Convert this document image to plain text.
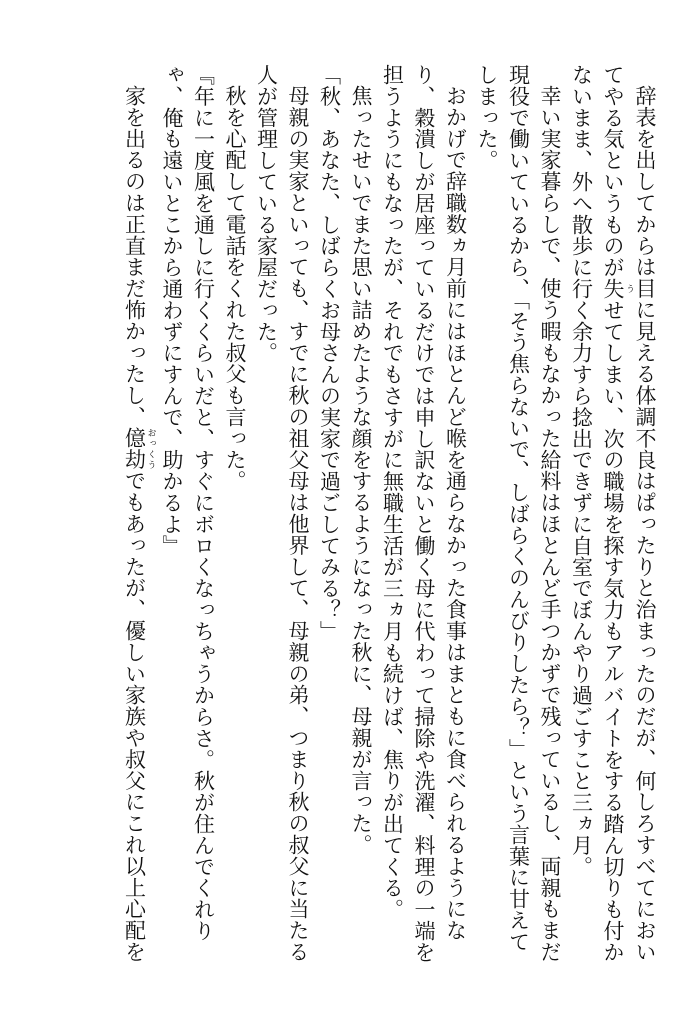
辞表を出してからは目に見える体調不良はぱったりと治まったのだが、何しろすべてにおいてやる気というものが失 うせてしまい、次の職場を探す気力もアルバイトをする踏ん切りも付かないまま、外へ散歩に行く余力すら捻出できずに自室でぼんやり過ごすこと三ヵ月。

幸い実家暮らしで、使う暇もなかった給料はほとんど手つかずで残っているし、両親もまだ現役で働いているから、「そう焦らないで、しばらくのんびりしたら？」という言葉に甘えてしまった。

おかげで辞職数ヵ月前にはほとんど喉を通らなかった食事はまともに食べられるようになり、穀潰しが居座っているだけでは申し訳ないと働く母に代わって掃除や洗濯、料理の一端を担うようにもなったが、それでもさすがに無職生活が三ヵ月も続けば、焦りが出てくる。

焦ったせいでまた思い詰めたような顔をするようになった秋に、母親が言った。

「秋、あなた、しばらくお母さんの実家で過ごしてみる？」

母親の実家といっても、すでに秋の祖父母は他界して、母親の弟、つまり秋の叔父に当たる人が管理している家屋だった。

秋を心配して電話をくれた叔父も言った。

『年に一度風を通しに行くくらいだと、すぐにボロくなっちゃうからさ。秋が住んでくれりゃ、俺も遠いとこから通わずにすんで、助かるよ』

家を出るのは正直まだ怖かったし、億劫 おっくうでもあったが、優しい家族や叔父にこれ以上心配を
